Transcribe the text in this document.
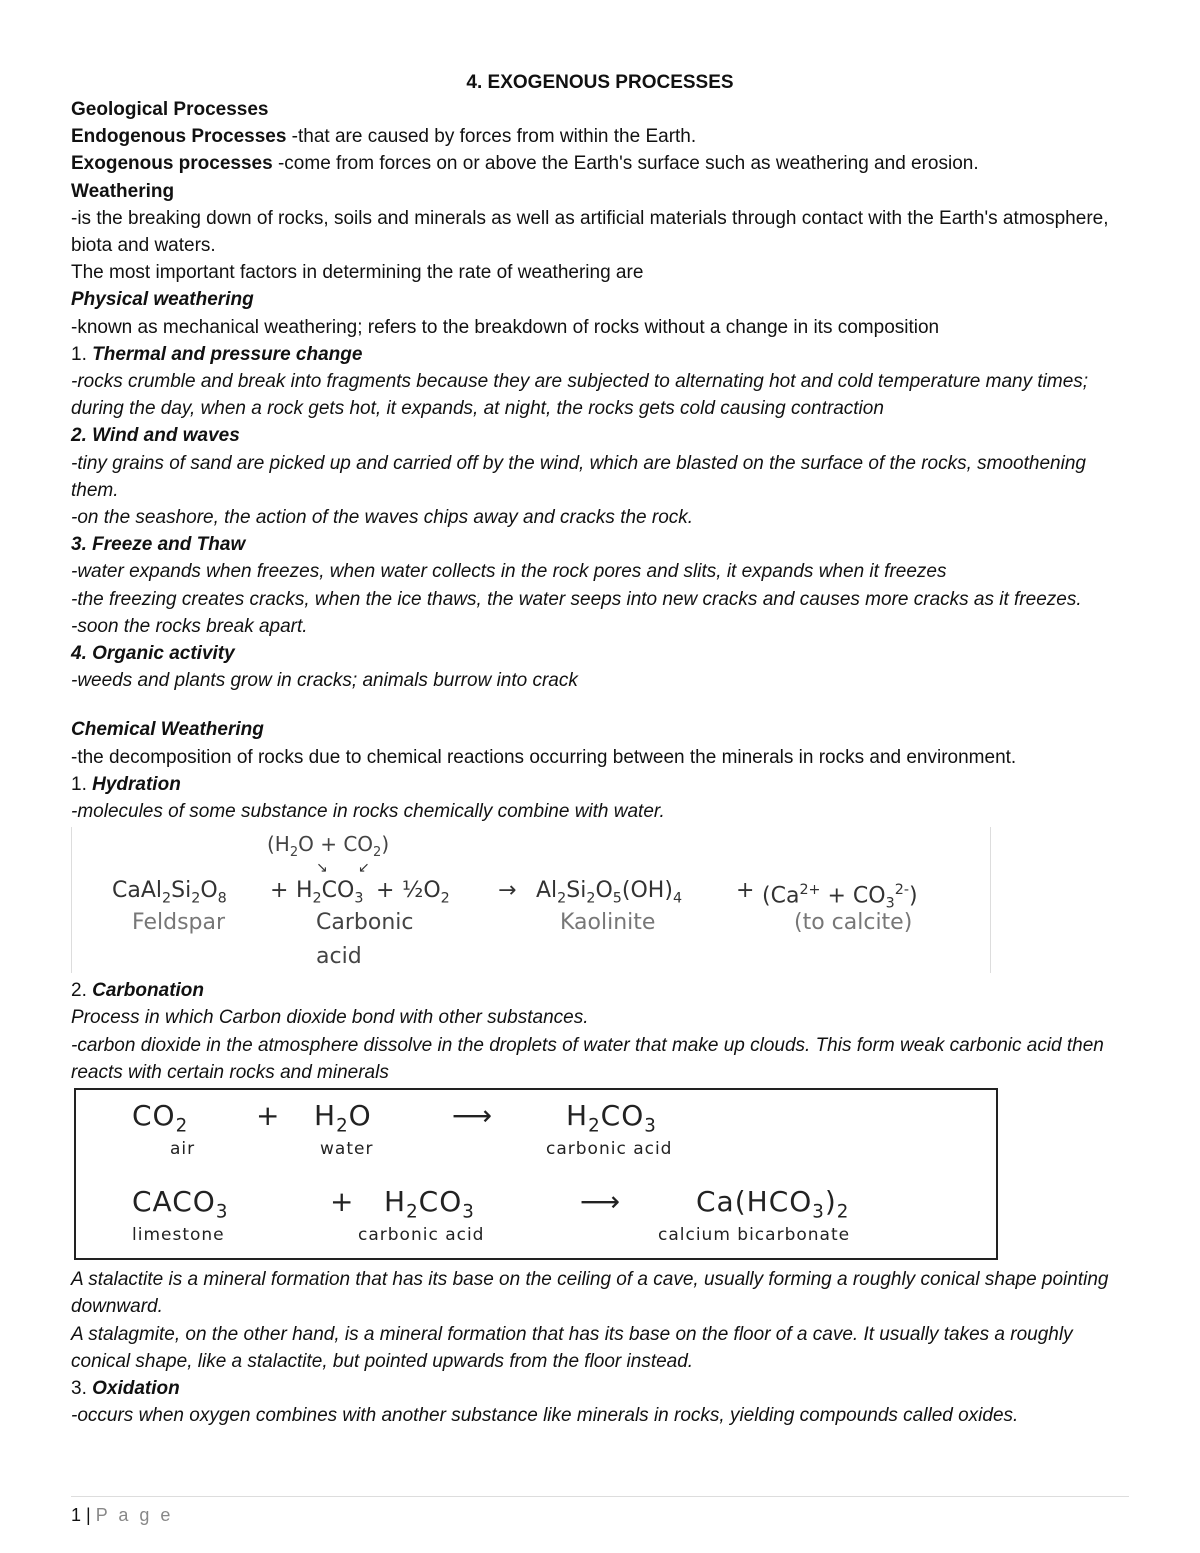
4. EXOGENOUS PROCESSES

Geological Processes

Endogenous Processes -that are caused by forces from within the Earth.

Exogenous processes -come from forces on or above the Earth's surface such as weathering and erosion.

Weathering

-is the breaking down of rocks, soils and minerals as well as artificial materials through contact with the Earth's atmosphere, biota and waters.

The most important factors in determining the rate of weathering are

Physical weathering

-known as mechanical weathering; refers to the breakdown of rocks without a change in its composition

1. Thermal and pressure change

-rocks crumble and break into fragments because they are subjected to alternating hot and cold temperature many times; during the day, when a rock gets hot, it expands, at night, the rocks gets cold causing contraction

2. Wind and waves

-tiny grains of sand are picked up and carried off by the wind, which are blasted on the surface of the rocks, smoothening them.

-on the seashore, the action of the waves chips away and cracks the rock.

3. Freeze and Thaw

-water expands when freezes, when water collects in the rock pores and slits, it expands when it freezes

-the freezing creates cracks, when the ice thaws, the water seeps into new cracks and causes more cracks as it freezes.

-soon the rocks break apart.

4. Organic activity

-weeds and plants grow in cracks; animals burrow into crack

Chemical Weathering

-the decomposition of rocks due to chemical reactions occurring between the minerals in rocks and environment.

1. Hydration

-molecules of some substance in rocks chemically combine with water.

$(H_2O + CO_2)$
↘ ↙
$CaAl_2Si_2O_8 + H_2CO_3$ + $\frac{1}{2}O_2 \to Al_2Si_2O_5(OH)_4 + (Ca^{2+} + CO_3^{2-})$
Feldspar	Carbonic
acid
Kaolinite	(to calcite)

2. Carbonation

Process in which Carbon dioxide bond with other substances.

-carbon dioxide in the atmosphere dissolve in the droplets of water that make up clouds. This form weak carbonic acid then reacts with certain rocks and minerals

$CO_2 + H_2O$	⟶	$H_2CO_3$
air	water	carbonic acid
$CACO_3$	+ $H_2CO_3$	⟶	$Ca(HCO_3)_2$
limestone	carbonic acid	calcium bicarbonate

A stalactite is a mineral formation that has its base on the ceiling of a cave, usually forming a roughly conical shape pointing downward.

A stalagmite, on the other hand, is a mineral formation that has its base on the floor of a cave. It usually takes a roughly conical shape, like a stalactite, but pointed upwards from the floor instead.

3. Oxidation

-occurs when oxygen combines with another substance like minerals in rocks, yielding compounds called oxides.

1 | P a g e
